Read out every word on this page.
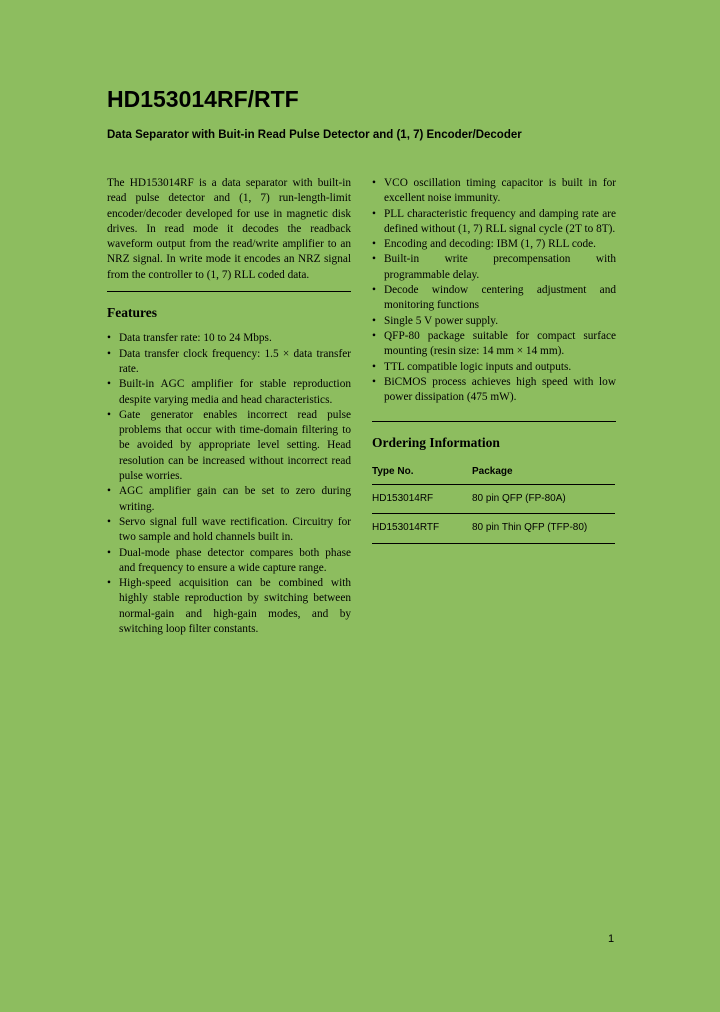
HD153014RF/RTF
Data Separator with Buit-in Read Pulse Detector and (1, 7) Encoder/Decoder

The HD153014RF is a data separator with built-in read pulse detector and (1, 7) run-length-limit encoder/decoder developed for use in magnetic disk drives. In read mode it decodes the readback waveform output from the read/write amplifier to an NRZ signal. In write mode it encodes an NRZ signal from the controller to (1, 7) RLL coded data.

Features
• Data transfer rate: 10 to 24 Mbps.
• Data transfer clock frequency: 1.5 × data transfer rate.
• Built-in AGC amplifier for stable reproduction despite varying media and head characteristics.
• Gate generator enables incorrect read pulse problems that occur with time-domain filtering to be avoided by appropriate level setting. Head resolution can be increased without incorrect read pulse worries.
• AGC amplifier gain can be set to zero during writing.
• Servo signal full wave rectification. Circuitry for two sample and hold channels built in.
• Dual-mode phase detector compares both phase and frequency to ensure a wide capture range.
• High-speed acquisition can be combined with highly stable reproduction by switching between normal-gain and high-gain modes, and by switching loop filter constants.
• VCO oscillation timing capacitor is built in for excellent noise immunity.
• PLL characteristic frequency and damping rate are defined without (1, 7) RLL signal cycle (2T to 8T).
• Encoding and decoding: IBM (1, 7) RLL code.
• Built-in write precompensation with programmable delay.
• Decode window centering adjustment and monitoring functions
• Single 5 V power supply.
• QFP-80 package suitable for compact surface mounting (resin size: 14 mm × 14 mm).
• TTL compatible logic inputs and outputs.
• BiCMOS process achieves high speed with low power dissipation (475 mW).
Ordering Information
Type No.	Package
HD153014RF	80 pin QFP (FP-80A)
HD153014RTF	80 pin Thin QFP (TFP-80)
1
